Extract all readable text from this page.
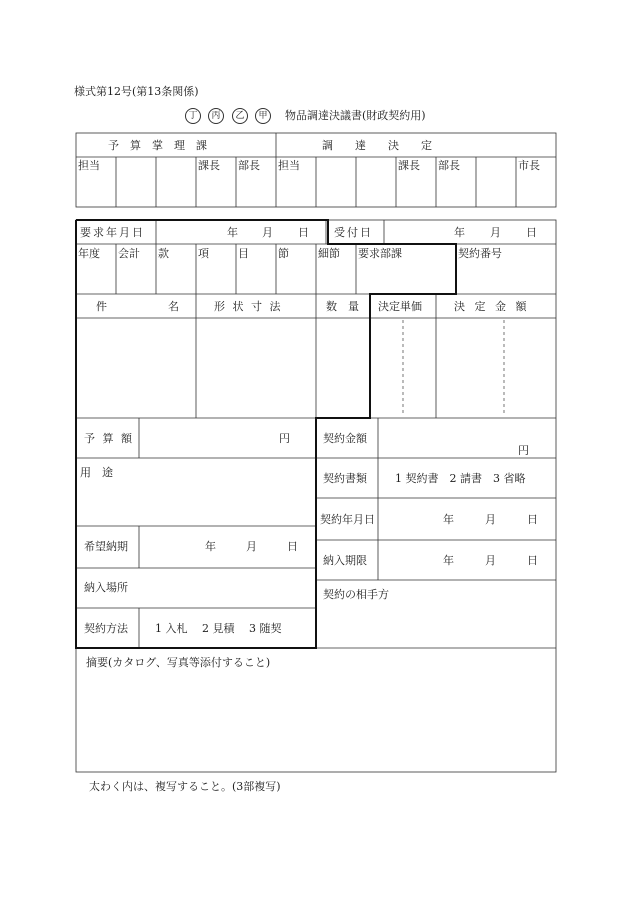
様式第12号(第13条関係)
丁	丙	乙	甲	物品調達決議書(財政契約用)
予　算　掌　理　課	調　　達　　決　　定
担当	課長 部長 担当	課長 部長	市長
要求年月日	年 月 日 受付日	年 月 日
年度 会計 款	項	目	節	細節 要求部課	契約番号
件	名	形 状 寸 法	数　量 決定単価	決 定 金 額
予 算 額	円
用　途
希望納期	年	月	日
納入場所
契約方法 1 入札　 2 見積　 3 随契
契約金額
円
契約書類	1 契約書　2 請書　3 省略
契約年月日	年	月	日
納入期限	年	月	日
契約の相手方
摘要(カタログ、写真等添付すること)
太わく内は、複写すること。(3部複写)
